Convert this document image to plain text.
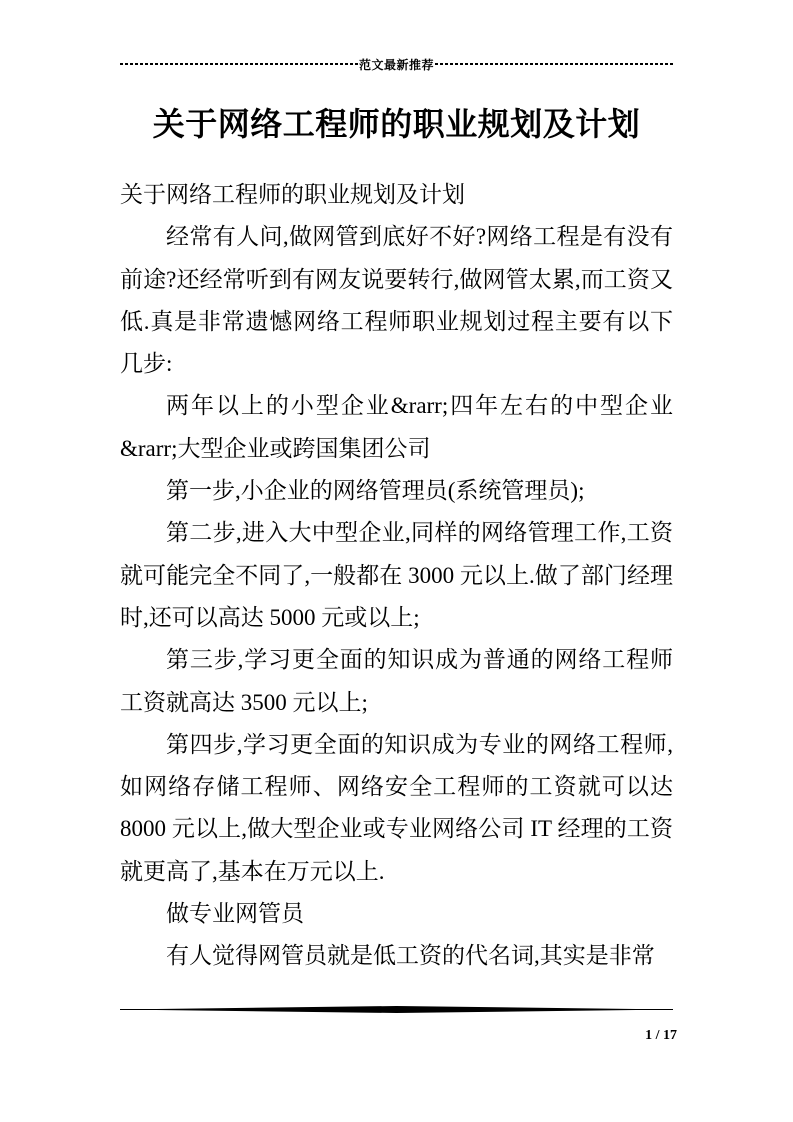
范文最新推荐
关于网络工程师的职业规划及计划

关于网络工程师的职业规划及计划

经常有人问,做网管到底好不好?网络工程是有没有前途?还经常听到有网友说要转行,做网管太累,而工资又低.真是非常遗憾网络工程师职业规划过程主要有以下几步:

两年以上的小型企业&rarr;四年左右的中型企业&rarr;大型企业或跨国集团公司

第一步,小企业的网络管理员(系统管理员);

第二步,进入大中型企业,同样的网络管理工作,工资就可能完全不同了,一般都在 3000 元以上.做了部门经理时,还可以高达 5000 元或以上;

第三步,学习更全面的知识成为普通的网络工程师工资就高达 3500 元以上;

第四步,学习更全面的知识成为专业的网络工程师,如网络存储工程师、网络安全工程师的工资就可以达 8000 元以上,做大型企业或专业网络公司 IT 经理的工资就更高了,基本在万元以上.

做专业网管员

有人觉得网管员就是低工资的代名词,其实是非常

1 / 17
